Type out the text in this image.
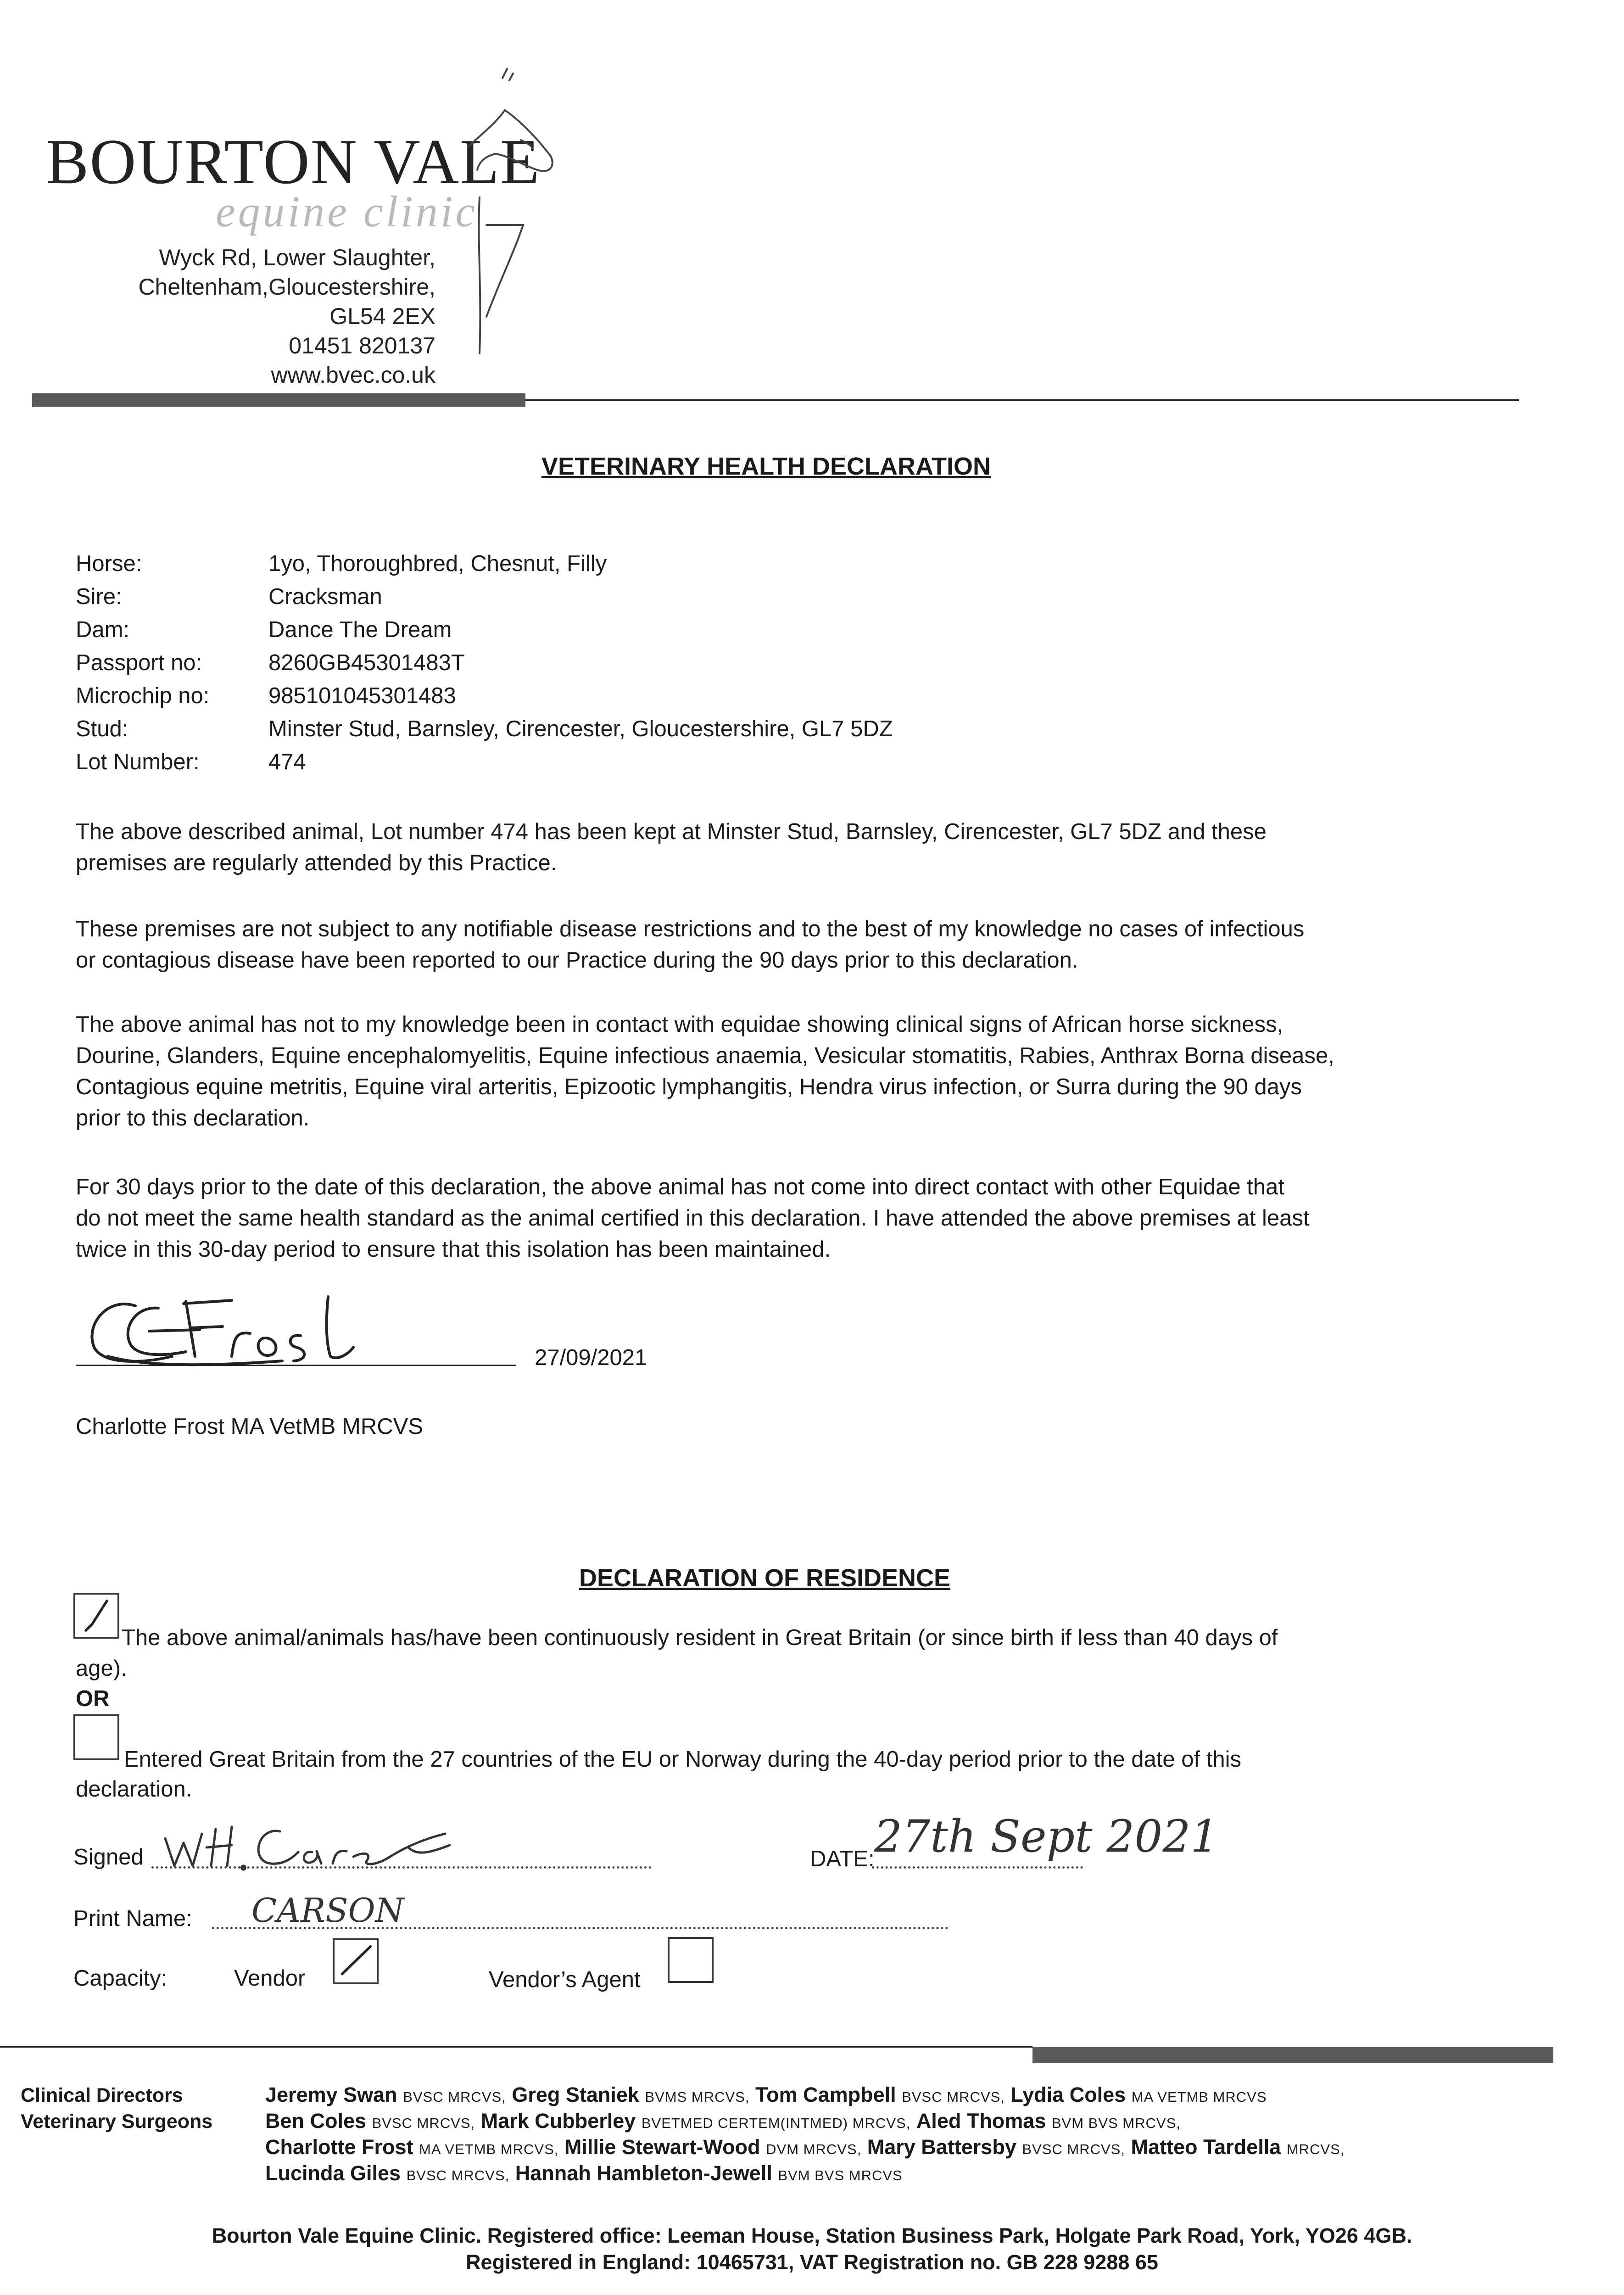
BOURTON VALE
equine clinic
Wyck Rd, Lower Slaughter,
Cheltenham,Gloucestershire,
GL54 2EX
01451 820137
www.bvec.co.uk
VETERINARY HEALTH DECLARATION
Horse:	1yo, Thoroughbred, Chesnut, Filly
Sire:	Cracksman
Dam:	Dance The Dream
Passport no:	8260GB45301483T
Microchip no:	985101045301483
Stud:	Minster Stud, Barnsley, Cirencester, Gloucestershire, GL7 5DZ
Lot Number:	474
The above described animal, Lot number 474 has been kept at Minster Stud, Barnsley, Cirencester, GL7 5DZ and these
premises are regularly attended by this Practice.
These premises are not subject to any notifiable disease restrictions and to the best of my knowledge no cases of infectious
or contagious disease have been reported to our Practice during the 90 days prior to this declaration.
The above animal has not to my knowledge been in contact with equidae showing clinical signs of African horse sickness,
Dourine, Glanders, Equine encephalomyelitis, Equine infectious anaemia, Vesicular stomatitis, Rabies, Anthrax Borna disease,
Contagious equine metritis, Equine viral arteritis, Epizootic lymphangitis, Hendra virus infection, or Surra during the 90 days
prior to this declaration.
For 30 days prior to the date of this declaration, the above animal has not come into direct contact with other Equidae that
do not meet the same health standard as the animal certified in this declaration. I have attended the above premises at least
twice in this 30-day period to ensure that this isolation has been maintained.
27/09/2021
Charlotte Frost MA VetMB MRCVS
DECLARATION OF RESIDENCE
The above animal/animals has/have been continuously resident in Great Britain (or since birth if less than 40 days of
age).
OR
Entered Great Britain from the 27 countries of the EU or Norway during the 40-day period prior to the date of this
declaration.
Signed	DATE: 27th Sept 2021
Print Name: CARSON
Capacity:	Vendor	Vendor’s Agent
Clinical Directors
Veterinary Surgeons
Jeremy Swan BVSC MRCVS, Greg Staniek BVMS MRCVS, Tom Campbell BVSC MRCVS, Lydia Coles MA VETMB MRCVS
Ben Coles BVSC MRCVS, Mark Cubberley BVETMED CERTEM(INTMED) MRCVS, Aled Thomas BVM BVS MRCVS,
Charlotte Frost MA VETMB MRCVS, Millie Stewart-Wood DVM MRCVS, Mary Battersby BVSC MRCVS, Matteo Tardella MRCVS,
Lucinda Giles BVSC MRCVS, Hannah Hambleton-Jewell BVM BVS MRCVS
Bourton Vale Equine Clinic. Registered office: Leeman House, Station Business Park, Holgate Park Road, York, YO26 4GB.
Registered in England: 10465731, VAT Registration no. GB 228 9288 65
